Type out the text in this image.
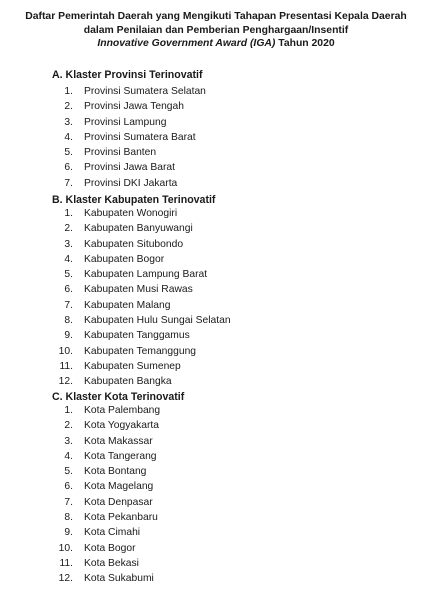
Daftar Pemerintah Daerah yang Mengikuti Tahapan Presentasi Kepala Daerah
dalam Penilaian dan Pemberian Penghargaan/Insentif
Innovative Government Award (IGA) Tahun 2020
A. Klaster Provinsi Terinovatif
1. Provinsi Sumatera Selatan
2. Provinsi Jawa Tengah
3. Provinsi Lampung
4. Provinsi Sumatera Barat
5. Provinsi Banten
6. Provinsi Jawa Barat
7. Provinsi DKI Jakarta
B. Klaster Kabupaten Terinovatif
1. Kabupaten Wonogiri
2. Kabupaten Banyuwangi
3. Kabupaten Situbondo
4. Kabupaten Bogor
5. Kabupaten Lampung Barat
6. Kabupaten Musi Rawas
7. Kabupaten Malang
8. Kabupaten Hulu Sungai Selatan
9. Kabupaten Tanggamus
10. Kabupaten Temanggung
11. Kabupaten Sumenep
12. Kabupaten Bangka
C. Klaster Kota Terinovatif
1. Kota Palembang
2. Kota Yogyakarta
3. Kota Makassar
4. Kota Tangerang
5. Kota Bontang
6. Kota Magelang
7. Kota Denpasar
8. Kota Pekanbaru
9. Kota Cimahi
10. Kota Bogor
11. Kota Bekasi
12. Kota Sukabumi
